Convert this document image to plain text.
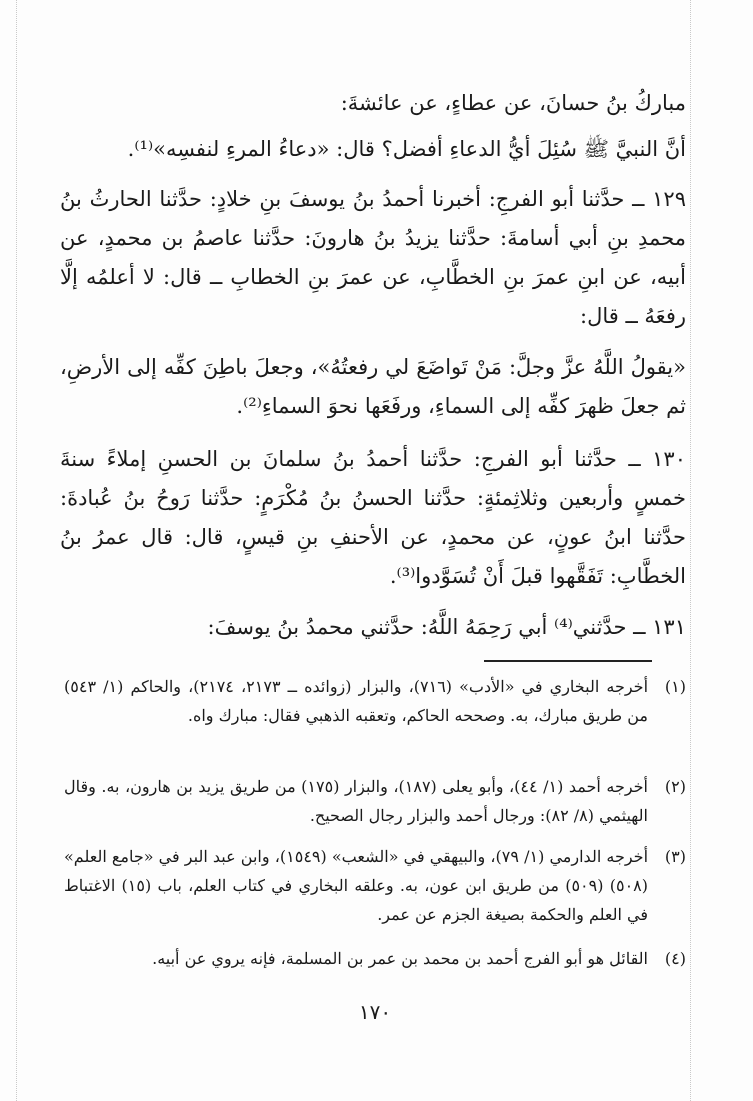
مباركُ بنُ حسانَ، عن عطاءٍ، عن عائشةَ:

أنَّ النبيَّ ﷺ سُئِلَ أيُّ الدعاءِ أفضل؟ قال: «دعاءُ المرءِ لنفسِه»⁽¹⁾.

١٢٩ ــ حدَّثنا أبو الفرجِ: أخبرنا أحمدُ بنُ يوسفَ بنِ خلادٍ: حدَّثنا الحارثُ بنُ محمدِ بنِ أبي أسامةَ: حدَّثنا يزيدُ بنُ هارونَ: حدَّثنا عاصمُ بن محمدٍ، عن أبيه، عن ابنِ عمرَ بنِ الخطَّابِ، عن عمرَ بنِ الخطابِ ــ قال: لا أعلمُه إلَّا رفعَهُ ــ قال:

«يقولُ اللَّهُ عزَّ وجلَّ: مَنْ تَواضَعَ لي رفعتُهُ»، وجعلَ باطِنَ كفِّه إلى الأرضِ، ثم جعلَ ظهرَ كفِّه إلى السماءِ، ورفَعَها نحوَ السماءِ⁽²⁾.

١٣٠ ــ حدَّثنا أبو الفرجِ: حدَّثنا أحمدُ بنُ سلمانَ بن الحسنِ إملاءً سنةَ خمسٍ وأربعين وثلاثِمئةٍ: حدَّثنا الحسنُ بنُ مُكْرَمٍ: حدَّثنا رَوحُ بنُ عُبادةَ: حدَّثنا ابنُ عونٍ، عن محمدٍ، عن الأحنفِ بنِ قيسٍ، قال: قال عمرُ بنُ الخطَّابِ: تَفَقَّهوا قبلَ أَنْ تُسَوَّدوا⁽³⁾.

١٣١ ــ حدَّثني⁽⁴⁾ أبي رَحِمَهُ اللَّهُ: حدَّثني محمدُ بنُ يوسفَ:

(١)
أخرجه البخاري في «الأدب» (٧١٦)، والبزار (زوائده ــ ٢١٧٣، ٢١٧٤)، والحاكم (١/ ٥٤٣) من طريق مبارك، به. وصححه الحاكم، وتعقبه الذهبي فقال: مبارك واه.
(٢)
أخرجه أحمد (١/ ٤٤)، وأبو يعلى (١٨٧)، والبزار (١٧٥) من طريق يزيد بن هارون، به. وقال الهيثمي (٨/ ٨٢): ورجال أحمد والبزار رجال الصحيح.
(٣)
أخرجه الدارمي (١/ ٧٩)، والبيهقي في «الشعب» (١٥٤٩)، وابن عبد البر في «جامع العلم» (٥٠٨) (٥٠٩) من طريق ابن عون، به. وعلقه البخاري في كتاب العلم، باب (١٥) الاغتباط في العلم والحكمة بصيغة الجزم عن عمر.
(٤)
القائل هو أبو الفرج أحمد بن محمد بن عمر بن المسلمة، فإنه يروي عن أبيه.
١٧٠
